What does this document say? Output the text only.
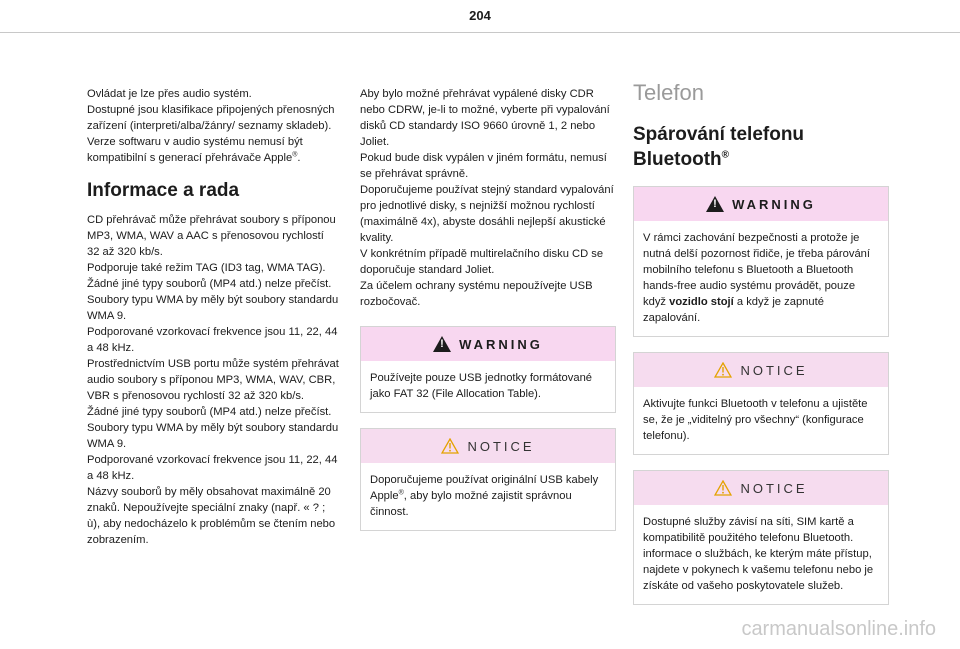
204

Ovládat je lze přes audio systém.

Dostupné jsou klasifikace připojených přenosných zařízení (interpreti/alba/žánry/ seznamy skladeb).

Verze softwaru v audio systému nemusí být kompatibilní s generací přehrávače Apple®.

Informace a rada

CD přehrávač může přehrávat soubory s příponou MP3, WMA, WAV a AAC s přenosovou rychlostí 32 až 320 kb/s.

Podporuje také režim TAG (ID3 tag, WMA TAG).

Žádné jiné typy souborů (MP4 atd.) nelze přečíst.

Soubory typu WMA by měly být soubory standardu WMA 9.

Podporované vzorkovací frekvence jsou 11, 22, 44 a 48 kHz.

Prostřednictvím USB portu může systém přehrávat audio soubory s příponou MP3, WMA, WAV, CBR, VBR s přenosovou rychlostí 32 až 320 kb/s.

Žádné jiné typy souborů (MP4 atd.) nelze přečíst.

Soubory typu WMA by měly být soubory standardu WMA 9.

Podporované vzorkovací frekvence jsou 11, 22, 44 a 48 kHz.

Názvy souborů by měly obsahovat maximálně 20 znaků. Nepoužívejte speciální znaky (např. « ? ; ù), aby nedocházelo k problémům se čtením nebo zobrazením.

Aby bylo možné přehrávat vypálené disky CDR nebo CDRW, je-li to možné, vyberte při vypalování disků CD standardy ISO 9660 úrovně 1, 2 nebo Joliet.

Pokud bude disk vypálen v jiném formátu, nemusí se přehrávat správně.

Doporučujeme používat stejný standard vypalování pro jednotlivé disky, s nejnižší možnou rychlostí (maximálně 4x), abyste dosáhli nejlepší akustické kvality.

V konkrétním případě multirelačního disku CD se doporučuje standard Joliet.

Za účelem ochrany systému nepoužívejte USB rozbočovač.

!
WARNING

Používejte pouze USB jednotky formátované jako FAT 32 (File Allocation Table).

NOTICE

Doporučujeme používat originální USB kabely Apple®, aby bylo možné zajistit správnou činnost.

Telefon
Spárování telefonu
Bluetooth®
!
WARNING

V rámci zachování bezpečnosti a protože je nutná delší pozornost řidiče, je třeba párování mobilního telefonu s Bluetooth a Bluetooth hands-free audio systému provádět, pouze když vozidlo stojí a když je zapnuté zapalování.

NOTICE

Aktivujte funkci Bluetooth v telefonu a ujistěte se, že je „viditelný pro všechny“ (konfigurace telefonu).

NOTICE

Dostupné služby závisí na síti, SIM kartě a kompatibilitě použitého telefonu Bluetooth. informace o službách, ke kterým máte přístup, najdete v pokynech k vašemu telefonu nebo je získáte od vašeho poskytovatele služeb.

carmanualsonline.info
